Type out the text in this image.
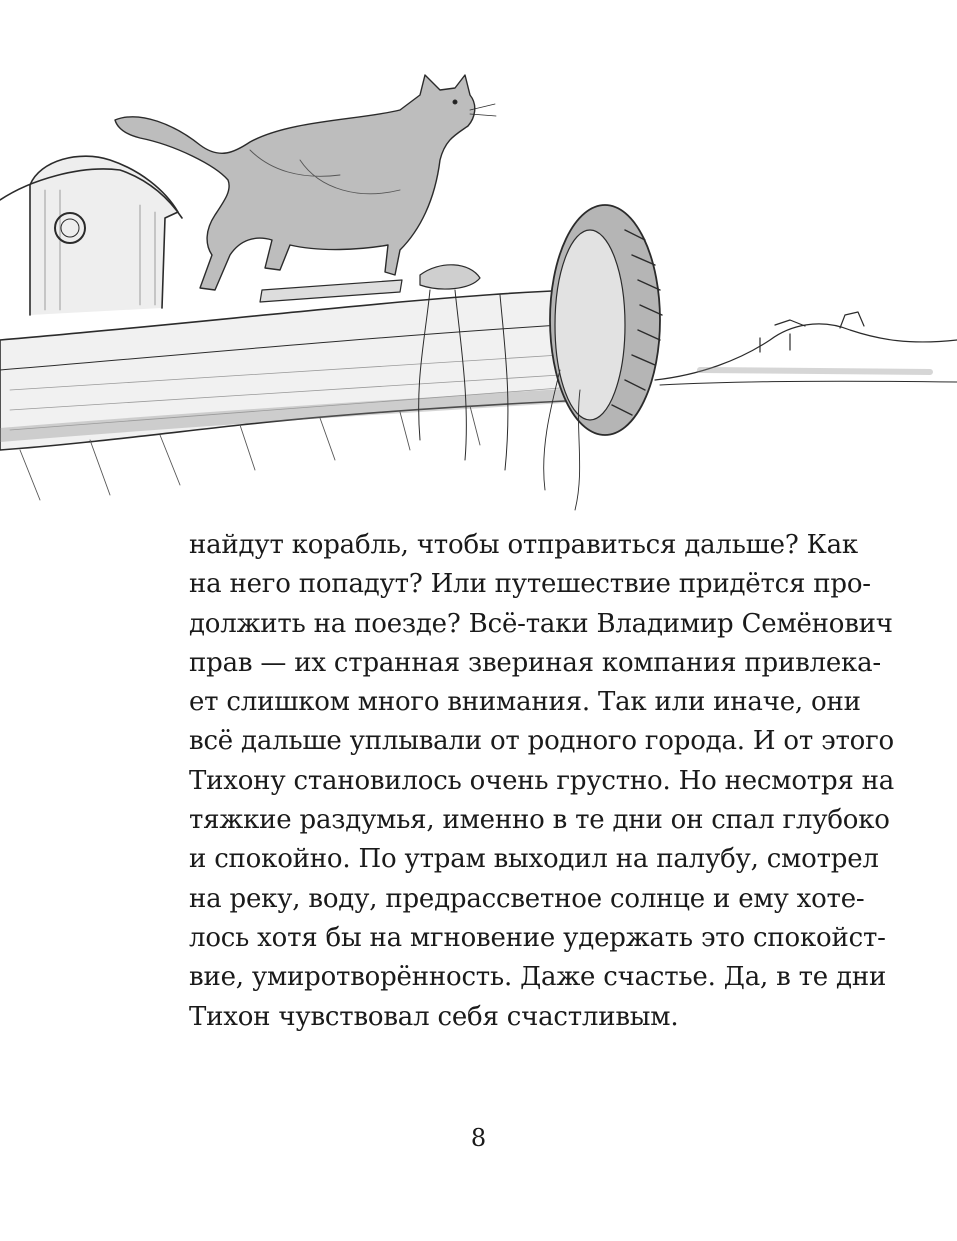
найдут корабль, чтобы отправиться дальше? Как
на него попадут? Или путешествие придётся про-
должить на поезде? Всё-таки Владимир Семёнович
прав — их странная звериная компания привлека-
ет слишком много внимания. Так или иначе, они
всё дальше уплывали от родного города. И от этого
Тихону становилось очень грустно. Но несмотря на
тяжкие раздумья, именно в те дни он спал глубоко
и спокойно. По утрам выходил на палубу, смотрел
на реку, воду, предрассветное солнце и ему хоте-
лось хотя бы на мгновение удержать это спокойст-
вие, умиротворённость. Даже счастье. Да, в те дни
Тихон чувствовал себя счастливым.
8
